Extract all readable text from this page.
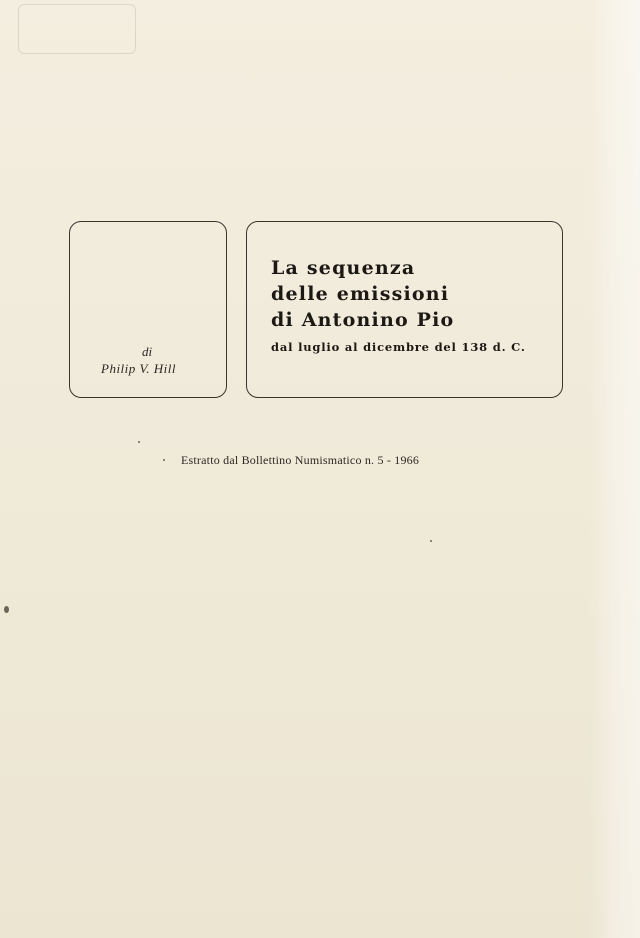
di
Philip V. Hill
La sequenza
delle emissioni
di Antonino Pio
dal luglio al dicembre del 138 d. C.
Estratto dal Bollettino Numismatico n. 5 - 1966
